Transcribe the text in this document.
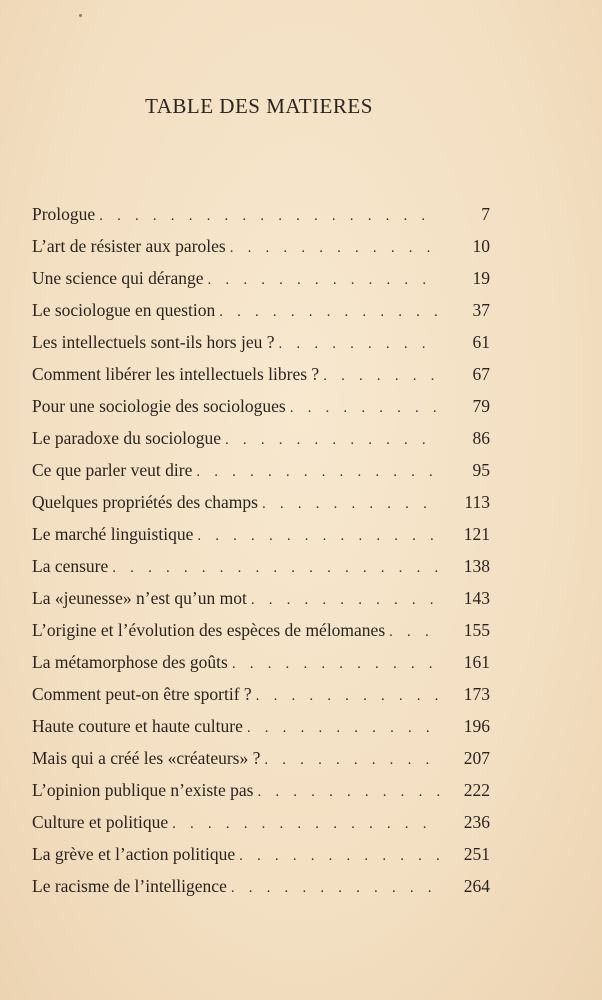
TABLE DES MATIERES
Prologue . . .	7
L’art de résister aux paroles . . .	10
Une science qui dérange . . .	19
Le sociologue en question . . .	37
Les intellectuels sont-ils hors jeu ? . . .	61
Comment libérer les intellectuels libres ? . . .	67
Pour une sociologie des sociologues . . .	79
Le paradoxe du sociologue . . .	86
Ce que parler veut dire . . .	95
Quelques propriétés des champs . . .	113
Le marché linguistique . . .	121
La censure . . .	138
La «jeunesse» n’est qu’un mot . . .	143
L’origine et l’évolution des espèces de mélomanes . . .	155
La métamorphose des goûts . . .	161
Comment peut-on être sportif ? . . .	173
Haute couture et haute culture . . .	196
Mais qui a créé les «créateurs» ? . . .	207
L’opinion publique n’existe pas . . .	222
Culture et politique . . .	236
La grève et l’action politique . . .	251
Le racisme de l’intelligence . . .	264
